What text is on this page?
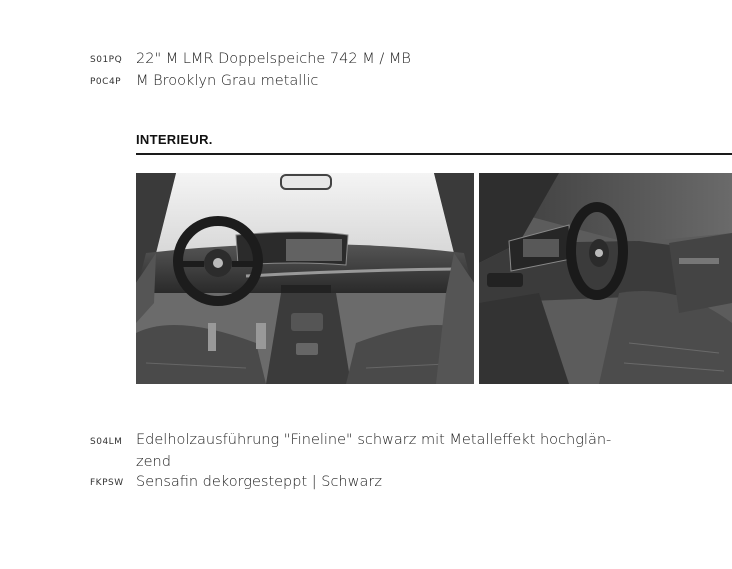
S01PQ 22" M LMR Doppelspeiche 742 M / MB
P0C4P M Brooklyn Grau metallic
INTERIEUR.
S04LM Edelholzausführung "Fineline" schwarz mit Metalleffekt hochglän-
zend
FKPSW Sensafin dekorgesteppt | Schwarz
